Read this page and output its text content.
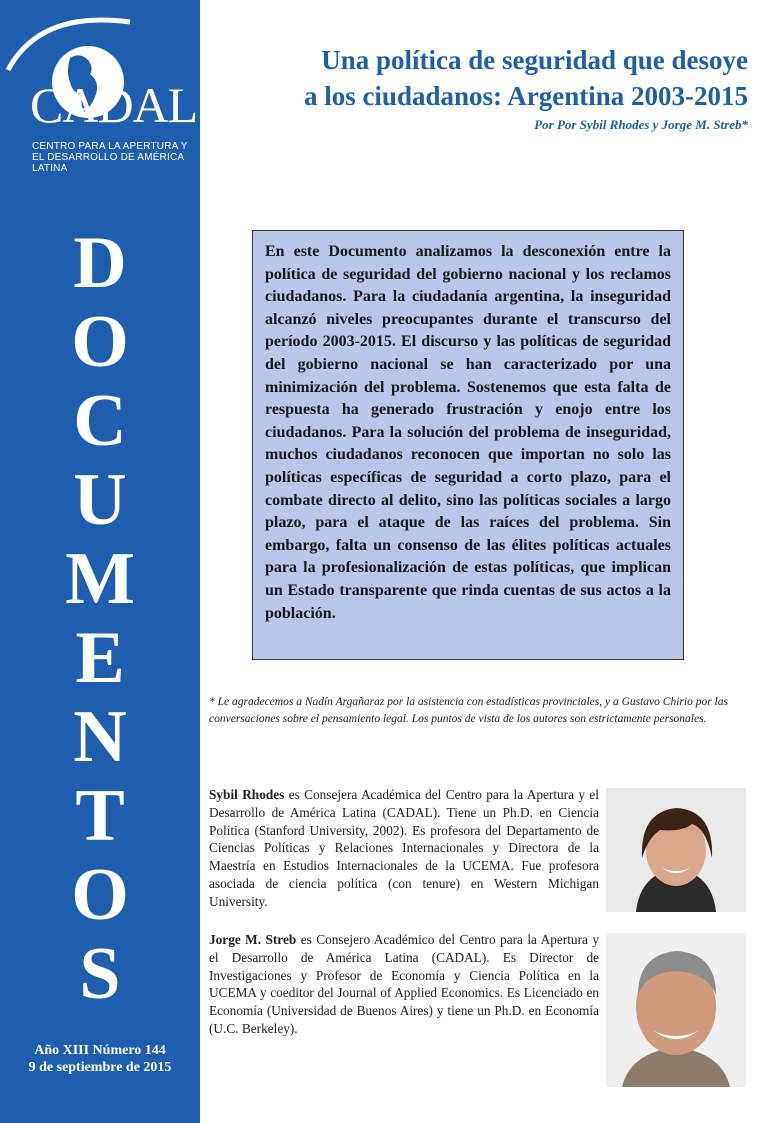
CADAL
CENTRO PARA LA APERTURA Y EL DESARROLLO DE AMÉRICA LATINA
D
O
C
U
M
E
N
T
O
S
Año XIII Número 144
9 de septiembre de 2015
Una política de seguridad que desoye
a los ciudadanos: Argentina 2003-2015
Por Por Sybil Rhodes y Jorge M. Streb*

En este Documento analizamos la desconexión entre la política de seguridad del gobierno nacional y los reclamos ciudadanos. Para la ciudadanía argentina, la inseguridad alcanzó niveles preocupantes durante el transcurso del período 2003-2015. El discurso y las políticas de seguridad del gobierno nacional se han caracterizado por una minimización del problema. Sostenemos que esta falta de respuesta ha generado frustración y enojo entre los ciudadanos. Para la solución del problema de inseguridad, muchos ciudadanos reconocen que importan no solo las políticas específicas de seguridad a corto plazo, para el combate directo al delito, sino las políticas sociales a largo plazo, para el ataque de las raíces del problema. Sin embargo, falta un consenso de las élites políticas actuales para la profesionalización de estas políticas, que implican un Estado transparente que rinda cuentas de sus actos a la población.

* Le agradecemos a Nadín Argañaraz por la asistencia con estadísticas provinciales, y a Gustavo Chirio por las conversaciones sobre el pensamiento legal. Los puntos de vista de los autores son estrictamente personales.
Sybil Rhodes es Consejera Académica del Centro para la Apertura y el Desarrollo de América Latina (CADAL). Tiene un Ph.D. en Ciencia Política (Stanford University, 2002). Es profesora del Departamento de Ciencias Políticas y Relaciones Internacionales y Directora de la Maestría en Estudios Internacionales de la UCEMA. Fue profesora asociada de ciencia política (con tenure) en Western Michigan University.
Jorge M. Streb es Consejero Académico del Centro para la Apertura y el Desarrollo de América Latina (CADAL). Es Director de Investigaciones y Profesor de Economía y Ciencia Política en la UCEMA y coeditor del Journal of Applied Economics. Es Licenciado en Economía (Universidad de Buenos Aires) y tiene un Ph.D. en Economía (U.C. Berkeley).
